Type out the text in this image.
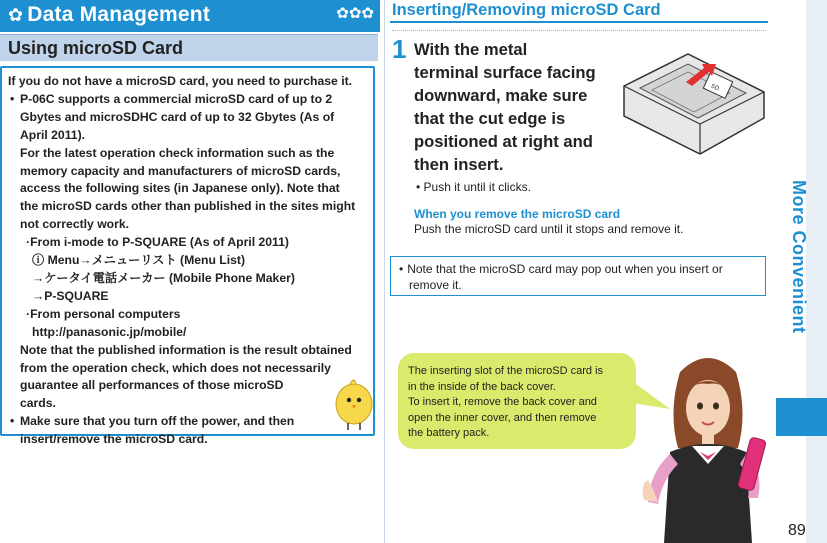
✿ Data Management	✿✿✿
Using microSD Card

If you do not have a microSD card, you need to purchase it.

• P-06C supports a commercial microSD card of up to 2

Gbytes and microSDHC card of up to 32 Gbytes (As of

April 2011).

For the latest operation check information such as the

memory capacity and manufacturers of microSD cards,

access the following sites (in Japanese only). Note that

the microSD cards other than published in the sites might

not correctly work.

·From i-mode to P-SQUARE (As of April 2011)

ⓘ Menu→メニューリスト (Menu List)

→ケータイ電話メーカー (Mobile Phone Maker)

→P-SQUARE

·From personal computers

http://panasonic.jp/mobile/

Note that the published information is the result obtained

from the operation check, which does not necessarily

guarantee all performances of those microSD

cards.

• Make sure that you turn off the power, and then

insert/remove the microSD card.

Inserting/Removing microSD Card
1 With the metal
terminal surface facing
downward, make sure
that the cut edge is
positioned at right and
then insert.
SD
• Push it until it clicks.
When you remove the microSD card
Push the microSD card until it stops and remove it.
• Note that the microSD card may pop out when you insert or
remove it.
The inserting slot of the microSD card is
in the inside of the back cover.
To insert it, remove the back cover and
open the inner cover, and then remove
the battery pack.
More Convenient
89
